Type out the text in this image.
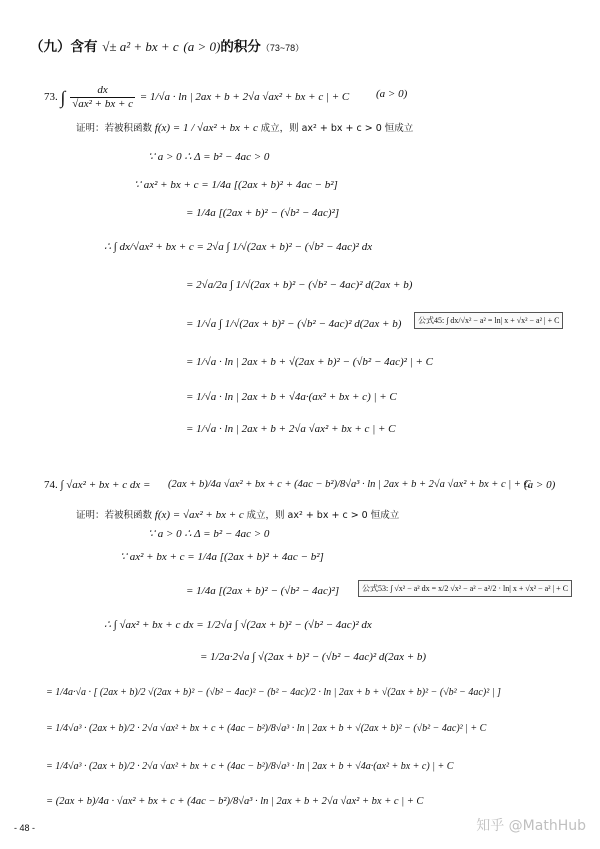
（九）含有 √± a² + bx + c (a > 0)的积分（73~78）
73. ∫ $\frac{dx}{\text{√ax² + bx + c}} = 1/√a \cdot \ln$ | 2ax + b + 2√a √ax² + bx + c | + C (a > 0)
证明：若被积函数 f(x) = 1 / √ax² + bx + c 成立，则 ax² + bx + c > 0 恒成立
∵ a > 0 ∴ Δ = b² − 4ac > 0
∵ ax² + bx + c = 1/4a [(2ax + b)² + 4ac − b²]
= 1/4a [(2ax + b)² − (√b² − 4ac)²]
∴ ∫ dx/√ax² + bx + c = 2√a ∫ 1/√(2ax + b)² − (√b² − 4ac)² dx
= 2√a/2a ∫ 1/√(2ax + b)² − (√b² − 4ac)² d(2ax + b)
= 1/√a ∫ 1/√(2ax + b)² − (√b² − 4ac)² d(2ax + b)	公式45: ∫ dx/√x² − a² = ln| x + √x² − a² | + C
= 1/√a · ln | 2ax + b + √(2ax + b)² − (√b² − 4ac)² | + C
= 1/√a · ln | 2ax + b + √4a·(ax² + bx + c) | + C
= 1/√a · ln | 2ax + b + 2√a √ax² + bx + c | + C
74. ∫ √ax² + bx + c dx = (2ax + b)/4a √ax² + bx + c + (4ac − b²)/8√a³ · ln | 2ax + b + 2√a √ax² + bx + c | + C
(a > 0)
证明：若被积函数 f(x) = √ax² + bx + c 成立，则 ax² + bx + c > 0 恒成立
∵ a > 0 ∴ Δ = b² − 4ac > 0
∵ ax² + bx + c = 1/4a [(2ax + b)² + 4ac − b²]
= 1/4a [(2ax + b)² − (√b² − 4ac)²]	公式53: ∫ √x² − a² dx = x/2 √x² − a² − a²/2 · ln| x + √x² − a² | + C
∴ ∫ √ax² + bx + c dx = 1/2√a ∫ √(2ax + b)² − (√b² − 4ac)² dx
= 1/2a·2√a ∫ √(2ax + b)² − (√b² − 4ac)² d(2ax + b)
= 1/4a·√a · [ (2ax + b)/2 √(2ax + b)² − (√b² − 4ac)² − (b² − 4ac)/2 · ln | 2ax + b + √(2ax + b)² − (√b² − 4ac)² | ]
= 1/4√a³ · (2ax + b)/2 · 2√a √ax² + bx + c + (4ac − b²)/8√a³ · ln | 2ax + b + √(2ax + b)² − (√b² − 4ac)² | + C
= 1/4√a³ · (2ax + b)/2 · 2√a √ax² + bx + c + (4ac − b²)/8√a³ · ln | 2ax + b + √4a·(ax² + bx + c) | + C
= (2ax + b)/4a · √ax² + bx + c + (4ac − b²)/8√a³ · ln | 2ax + b + 2√a √ax² + bx + c | + C
- 48 -	知乎 @MathHub
